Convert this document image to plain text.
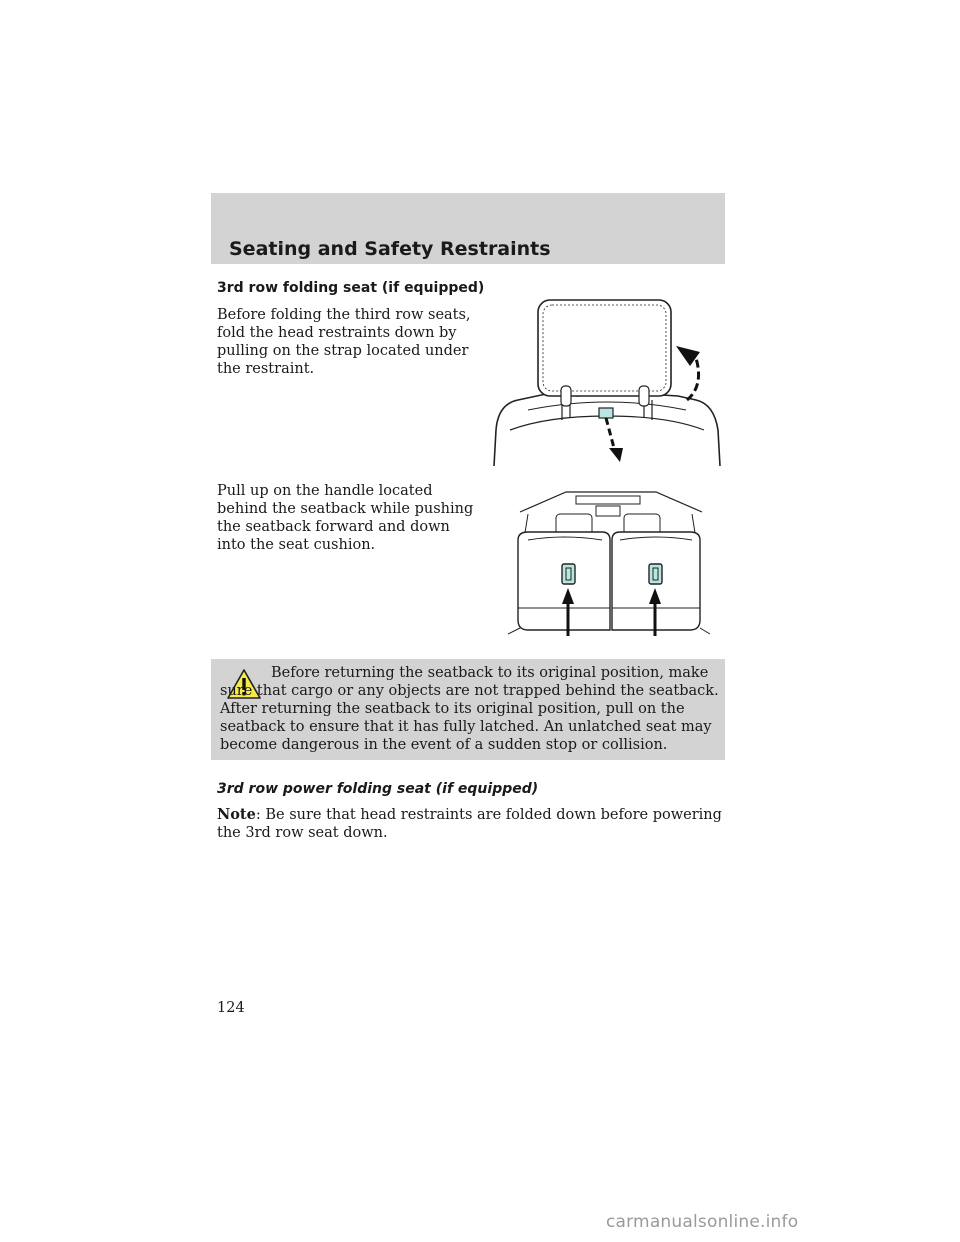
Seating and Safety Restraints
3rd row folding seat (if equipped)
Before folding the third row seats, fold the head restraints down by pulling on the strap located under the restraint.
Pull up on the handle located behind the seatback while pushing the seatback forward and down into the seat cushion.
Before returning the seatback to its original position, make sure that cargo or any objects are not trapped behind the seatback. After returning the seatback to its original position, pull on the seatback to ensure that it has fully latched. An unlatched seat may become dangerous in the event of a sudden stop or collision.
3rd row power folding seat (if equipped)
Note: Be sure that head restraints are folded down before powering the 3rd row seat down.
124
carmanualsonline.info
